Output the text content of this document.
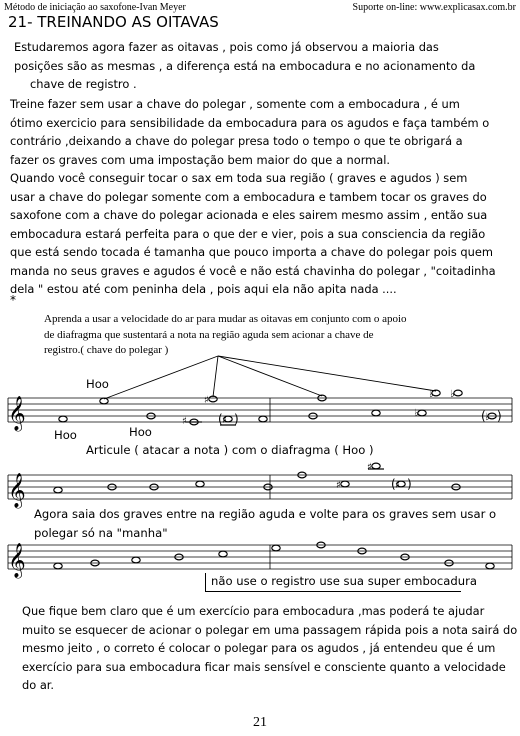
Método de iniciação ao saxofone-Ivan Meyer	Suporte on-line: www.explicasax.com.br
21- TREINANDO AS OITAVAS
Estudaremos agora fazer as oitavas , pois como já observou a maioria das
posições são as mesmas , a diferença está na embocadura e no acionamento da
chave de registro .
Treine fazer sem usar a chave do polegar , somente com a embocadura , é um
ótimo exercicio para sensibilidade da embocadura para os agudos e faça também o
contrário ,deixando a chave do polegar presa todo o tempo o que te obrigará a
fazer os graves com uma impostação bem maior do que a normal.
Quando você conseguir tocar o sax em toda sua região ( graves e agudos ) sem
usar a chave do polegar somente com a embocadura e tambem tocar os graves do
saxofone com a chave do polegar acionada e eles sairem mesmo assim , então sua
embocadura estará perfeita para o que der e vier, pois a sua consciencia da região
que está sendo tocada é tamanha que pouco importa a chave do polegar pois quem
manda no seus graves e agudos é você e não está chavinha do polegar , "coitadinha
dela " estou até com peninha dela , pois aqui ela não apita nada ....
*
Aprenda a usar a velocidade do ar para mudar as oitavas em conjunto com o apoio
de diafragma que sustentará a nota na região aguda sem acionar a chave de
registro.( chave do polegar )
Hoo
Hoo	Hoo
Articule ( atacar a nota ) com o diafragma ( Hoo )
Agora saia dos graves entre na região aguda e volte para os graves sem usar o
polegar só na "manha"
não use o registro use sua super embocadura
Que fique bem claro que é um exercício para embocadura ,mas poderá te ajudar
muito se esquecer de acionar o polegar em uma passagem rápida pois a nota sairá do
mesmo jeito , o correto é colocar o polegar para os agudos , já entendeu que é um
exercício para sua embocadura ficar mais sensível e consciente quanto a velocidade
do ar.
21
𝄞
𝄞
𝄞
♯
♯
( ♯ )
♭
♭
♭
( ♭ )
♯
♯
( ♯ )
